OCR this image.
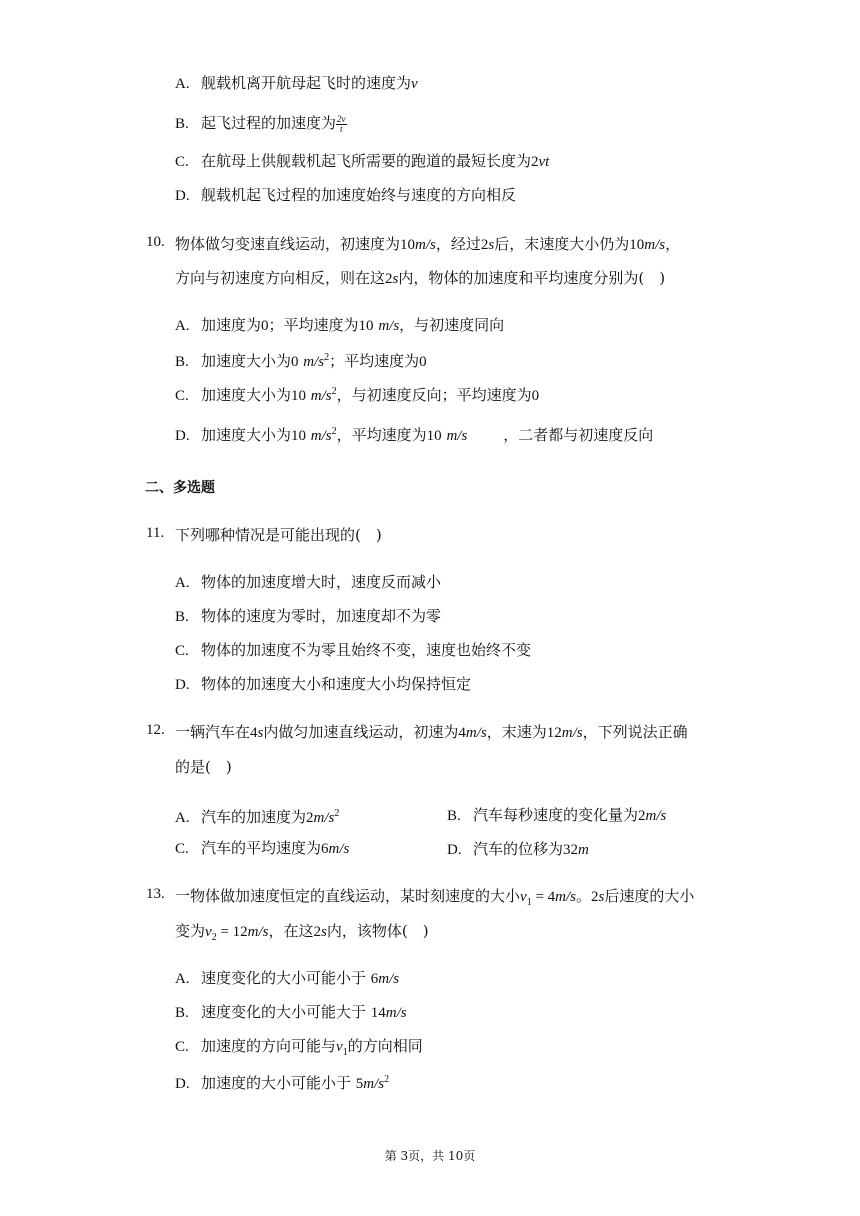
A. 舰载机离开航母起飞时的速度为v
B. 起飞过程的加速度为 $\frac{2v}{t}$
C. 在航母上供舰载机起飞所需要的跑道的最短长度为2vt
D. 舰载机起飞过程的加速度始终与速度的方向相反
10. 物体做匀变速直线运动，初速度为10m/s，经过2s后，末速度大小仍为10m/s，
方向与初速度方向相反，则在这2s内，物体的加速度和平均速度分别为( )
A. 加速度为0；平均速度为10 m/s，与初速度同向
B. 加速度大小为0 $m/s^2$；平均速度为0
C. 加速度大小为10 $m/s^2$，与初速度反向；平均速度为0
D. 加速度大小为10 $m/s^2$，平均速度为10 m/s ，二者都与初速度反向
二、多选题
11. 下列哪种情况是可能出现的( )
A. 物体的加速度增大时，速度反而减小
B. 物体的速度为零时，加速度却不为零
C. 物体的加速度不为零且始终不变，速度也始终不变
D. 物体的加速度大小和速度大小均保持恒定
12. 一辆汽车在4s内做匀加速直线运动，初速为4m/s，末速为12m/s，下列说法正确
的是( )
A. 汽车的加速度为$2m/s^2$	B. 汽车每秒速度的变化量为2m/s
C. 汽车的平均速度为6m/s	D. 汽车的位移为32m
13. 一物体做加速度恒定的直线运动，某时刻速度的大小$v_1 = 4m/s$。2s后速度的大小
变为$v_2 = 12m/s$，在这2s内，该物体( )
A. 速度变化的大小可能小于 6m/s
B. 速度变化的大小可能大于 14m/s
C. 加速度的方向可能与$v_1$的方向相同
D. 加速度的大小可能小于 $5m/s^2$
第 3页，共 10页
